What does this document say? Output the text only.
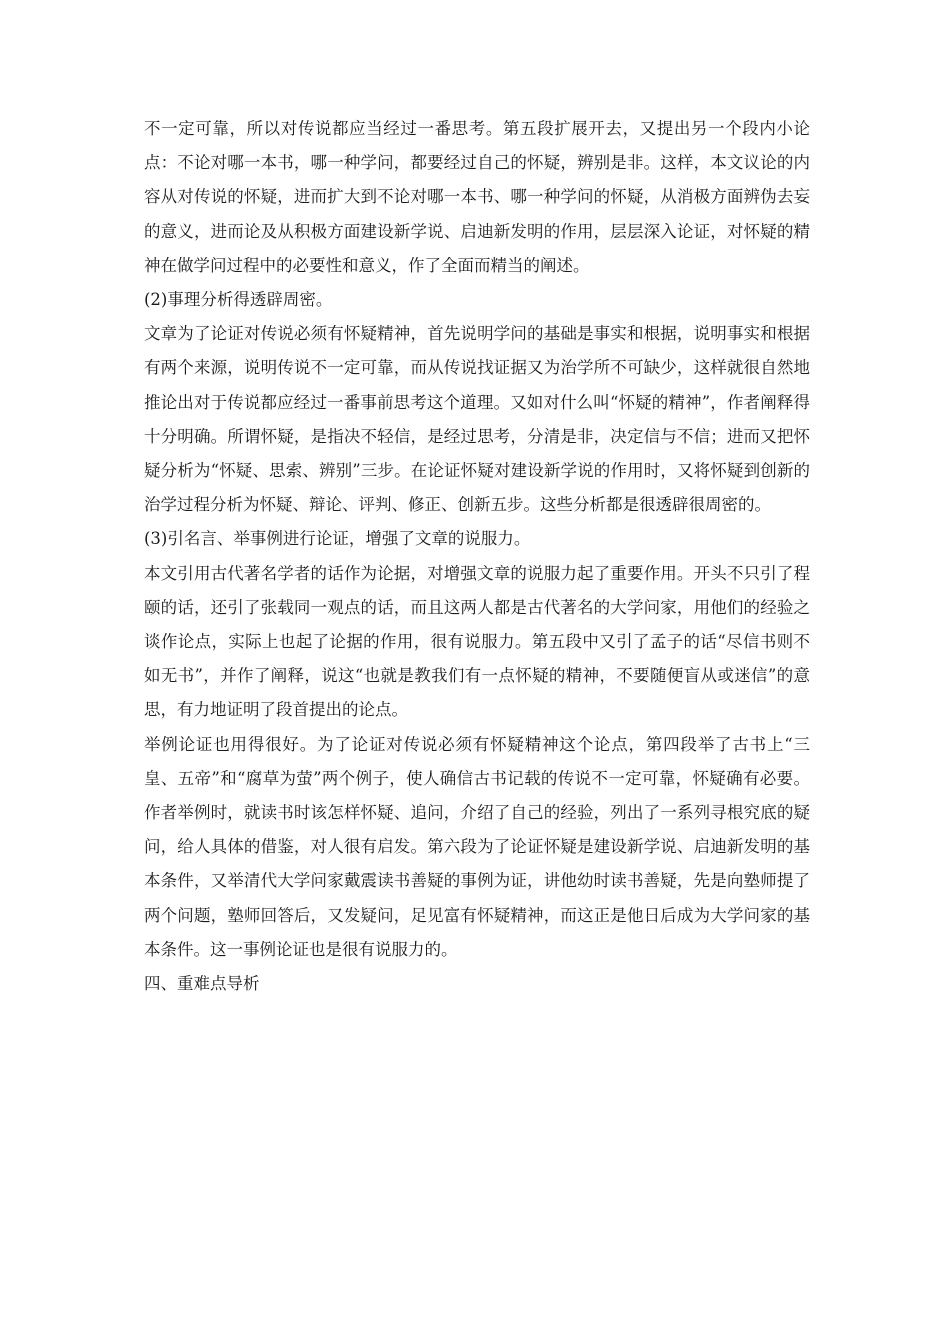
不一定可靠，所以对传说都应当经过一番思考。第五段扩展开去，又提出另一个段内小论点：不论对哪一本书，哪一种学问，都要经过自己的怀疑，辨别是非。这样，本文议论的内容从对传说的怀疑，进而扩大到不论对哪一本书、哪一种学问的怀疑，从消极方面辨伪去妄的意义，进而论及从积极方面建设新学说、启迪新发明的作用，层层深入论证，对怀疑的精神在做学问过程中的必要性和意义，作了全面而精当的阐述。

(2)事理分析得透辟周密。

文章为了论证对传说必须有怀疑精神，首先说明学问的基础是事实和根据，说明事实和根据有两个来源，说明传说不一定可靠，而从传说找证据又为治学所不可缺少，这样就很自然地推论出对于传说都应经过一番事前思考这个道理。又如对什么叫“怀疑的精神”，作者阐释得十分明确。所谓怀疑，是指决不轻信，是经过思考，分清是非，决定信与不信；进而又把怀疑分析为“怀疑、思索、辨别”三步。在论证怀疑对建设新学说的作用时，又将怀疑到创新的治学过程分析为怀疑、辩论、评判、修正、创新五步。这些分析都是很透辟很周密的。

(3)引名言、举事例进行论证，增强了文章的说服力。

本文引用古代著名学者的话作为论据，对增强文章的说服力起了重要作用。开头不只引了程颐的话，还引了张载同一观点的话，而且这两人都是古代著名的大学问家，用他们的经验之谈作论点，实际上也起了论据的作用，很有说服力。第五段中又引了孟子的话“尽信书则不如无书”，并作了阐释，说这“也就是教我们有一点怀疑的精神，不要随便盲从或迷信”的意思，有力地证明了段首提出的论点。

举例论证也用得很好。为了论证对传说必须有怀疑精神这个论点，第四段举了古书上“三皇、五帝”和“腐草为萤”两个例子，使人确信古书记载的传说不一定可靠，怀疑确有必要。作者举例时，就读书时该怎样怀疑、追问，介绍了自己的经验，列出了一系列寻根究底的疑问，给人具体的借鉴，对人很有启发。第六段为了论证怀疑是建设新学说、启迪新发明的基本条件，又举清代大学问家戴震读书善疑的事例为证，讲他幼时读书善疑，先是向塾师提了两个问题，塾师回答后，又发疑问，足见富有怀疑精神，而这正是他日后成为大学问家的基本条件。这一事例论证也是很有说服力的。

四、重难点导析
